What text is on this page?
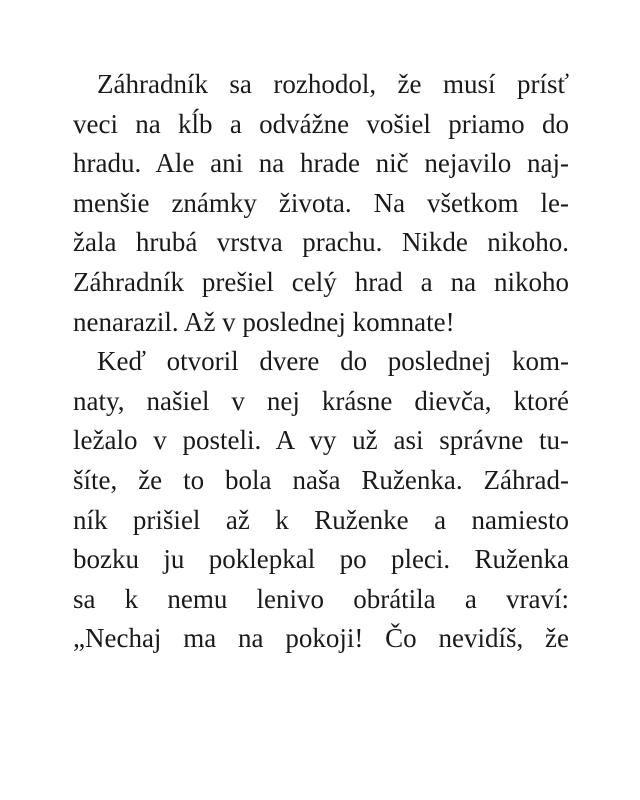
Záhradník sa rozhodol, že musí prísť
veci na kĺb a odvážne vošiel priamo do
hradu. Ale ani na hrade nič nejavilo naj-
menšie známky života. Na všetkom le-
žala hrubá vrstva prachu. Nikde nikoho.
Záhradník prešiel celý hrad a na nikoho
nenarazil. Až v poslednej komnate!
Keď otvoril dvere do poslednej kom-
naty, našiel v nej krásne dievča, ktoré
ležalo v posteli. A vy už asi správne tu-
šíte, že to bola naša Ruženka. Záhrad-
ník prišiel až k Ruženke a namiesto
bozku ju poklepkal po pleci. Ruženka
sa k nemu lenivo obrátila a vraví:
„Nechaj ma na pokoji! Čo nevidíš, že
